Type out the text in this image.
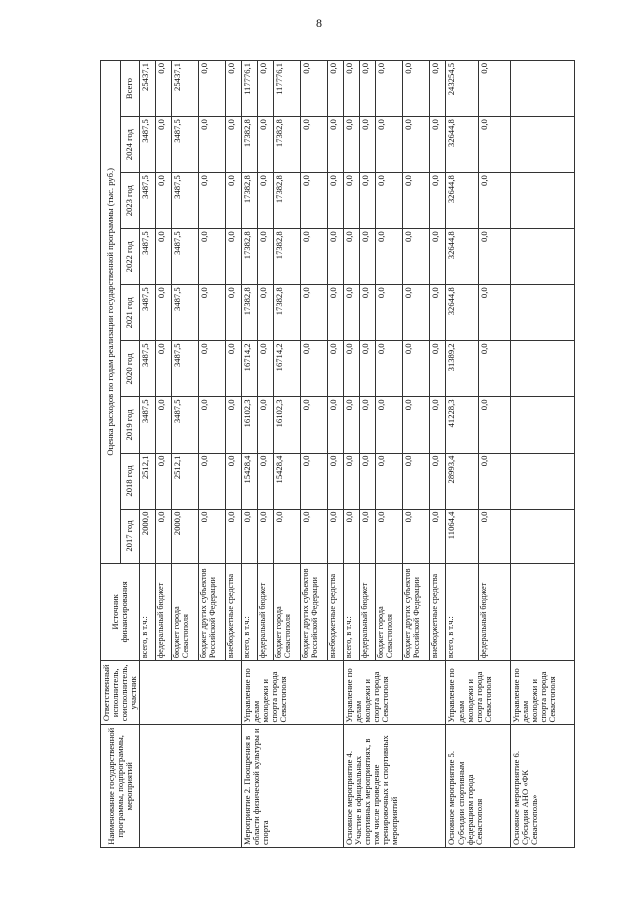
8
Наименование государственной программы, подпрограммы, мероприятий	Ответственный исполнитель, соисполнитель, участник	Источник финансирования	Оценка расходов по годам реализации государственной программы (тыс. руб.)								
			2017 год	2018 год	2019 год	2020 год	2021 год	2022 год	2023 год	2024 год	Всего
		всего, в т.ч.:	2000,0	2512,1	3487,5	3487,5	3487,5	3487,5	3487,5	3487,5	25437,1
		федеральный бюджет	0,0	0,0	0,0	0,0	0,0	0,0	0,0	0,0	0,0
		бюджет города Севастополя	2000,0	2512,1	3487,5	3487,5	3487,5	3487,5	3487,5	3487,5	25437,1
		бюджет других субъектов Российской Федерации	0,0	0,0	0,0	0,0	0,0	0,0	0,0	0,0	0,0
		внебюджетные средства	0,0	0,0	0,0	0,0	0,0	0,0	0,0	0,0	0,0
Мероприятие 2. Поощрения в области физической культуры и спорта	Управление по делам молодежи и спорта города Севастополя	всего, в т.ч.:	0,0	15428,4	16102,3	16714,2	17382,8	17382,8	17382,8	17382,8	117776,1
		федеральный бюджет	0,0	0,0	0,0	0,0	0,0	0,0	0,0	0,0	0,0
		бюджет города Севастополя	0,0	15428,4	16102,3	16714,2	17382,8	17382,8	17382,8	17382,8	117776,1
		бюджет других субъектов Российской Федерации	0,0	0,0	0,0	0,0	0,0	0,0	0,0	0,0	0,0
		внебюджетные средства	0,0	0,0	0,0	0,0	0,0	0,0	0,0	0,0	0,0
Основное мероприятие 4. Участие в официальных спортивных мероприятиях, в том числе проведение тренировочных и спортивных мероприятий	Управление по делам молодежи и спорта города Севастополя	всего, в т.ч.:	0,0	0,0	0,0	0,0	0,0	0,0	0,0	0,0	0,0
		федеральный бюджет	0,0	0,0	0,0	0,0	0,0	0,0	0,0	0,0	0,0
		бюджет города Севастополя	0,0	0,0	0,0	0,0	0,0	0,0	0,0	0,0	0,0
		бюджет других субъектов Российской Федерации	0,0	0,0	0,0	0,0	0,0	0,0	0,0	0,0	0,0
		внебюджетные средства	0,0	0,0	0,0	0,0	0,0	0,0	0,0	0,0	0,0
Основное мероприятие 5. Субсидии спортивным федерациям города Севастополя	Управление по делам молодежи и спорта города Севастополя	всего, в т.ч.:	11064,4	28993,4	41228,3	31389,2	32644,8	32644,8	32644,8	32644,8	243254,5
		федеральный бюджет	0,0	0,0	0,0	0,0	0,0	0,0	0,0	0,0	0,0
Основное мероприятие 6. Субсидия АНО «ФК Севастополь»	Управление по делам молодежи и спорта города Севастополя										
